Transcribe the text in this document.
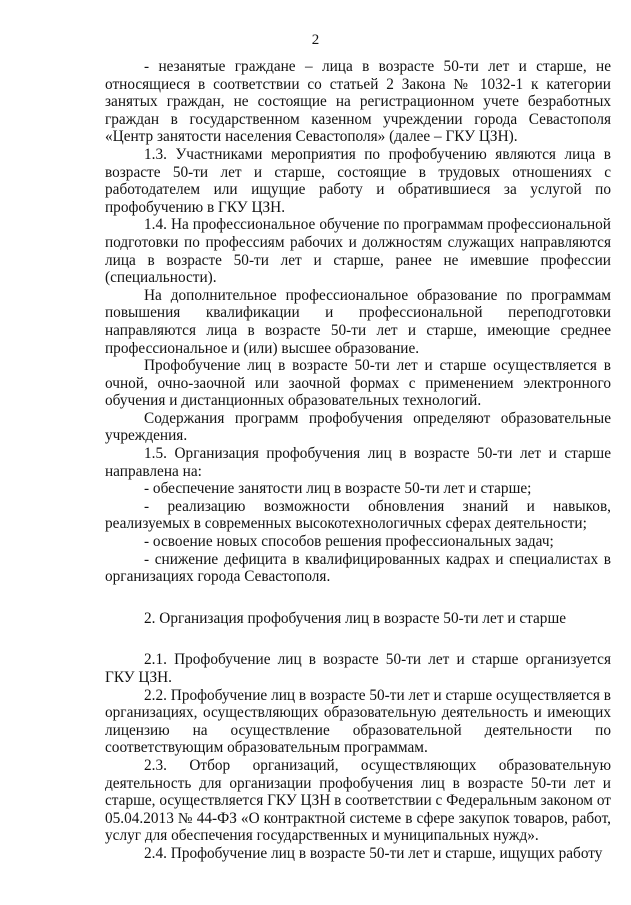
2

- незанятые граждане – лица в возрасте 50-ти лет и старше, не относящиеся в соответствии со статьей 2 Закона № 1032-1 к категории занятых граждан, не состоящие на регистрационном учете безработных граждан в государственном казенном учреждении города Севастополя «Центр занятости населения Севастополя» (далее – ГКУ ЦЗН).

1.3. Участниками мероприятия по профобучению являются лица в возрасте 50-ти лет и старше, состоящие в трудовых отношениях с работодателем или ищущие работу и обратившиеся за услугой по профобучению в ГКУ ЦЗН.

1.4. На профессиональное обучение по программам профессиональной подготовки по профессиям рабочих и должностям служащих направляются лица в возрасте 50-ти лет и старше, ранее не имевшие профессии (специальности).

На дополнительное профессиональное образование по программам повышения квалификации и профессиональной переподготовки направляются лица в возрасте 50-ти лет и старше, имеющие среднее профессиональное и (или) высшее образование.

Профобучение лиц в возрасте 50-ти лет и старше осуществляется в очной, очно-заочной или заочной формах с применением электронного обучения и дистанционных образовательных технологий.

Содержания программ профобучения определяют образовательные учреждения.

1.5. Организация профобучения лиц в возрасте 50-ти лет и старше направлена на:

- обеспечение занятости лиц в возрасте 50-ти лет и старше;

- реализацию возможности обновления знаний и навыков, реализуемых в современных высокотехнологичных сферах деятельности;

- освоение новых способов решения профессиональных задач;

- снижение дефицита в квалифицированных кадрах и специалистах в организациях города Севастополя.

2. Организация профобучения лиц в возрасте 50-ти лет и старше

2.1. Профобучение лиц в возрасте 50-ти лет и старше организуется ГКУ ЦЗН.

2.2. Профобучение лиц в возрасте 50-ти лет и старше осуществляется в организациях, осуществляющих образовательную деятельность и имеющих лицензию на осуществление образовательной деятельности по соответствующим образовательным программам.

2.3. Отбор организаций, осуществляющих образовательную деятельность для организации профобучения лиц в возрасте 50-ти лет и старше, осуществляется ГКУ ЦЗН в соответствии с Федеральным законом от 05.04.2013 № 44-ФЗ «О контрактной системе в сфере закупок товаров, работ, услуг для обеспечения государственных и муниципальных нужд».

2.4. Профобучение лиц в возрасте 50-ти лет и старше, ищущих работу
